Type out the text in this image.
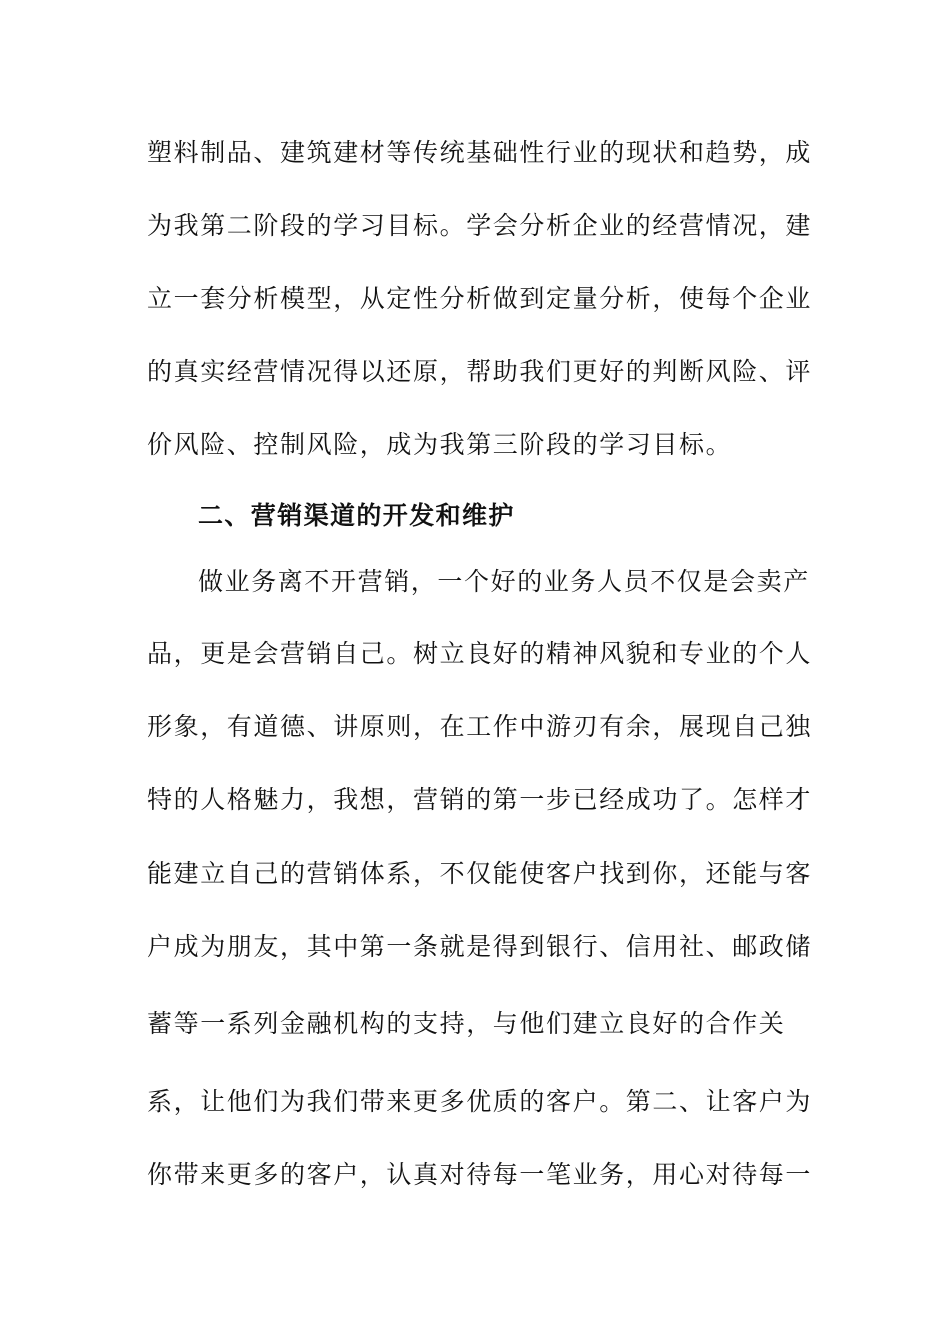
塑料制品、建筑建材等传统基础性行业的现状和趋势，成
为我第二阶段的学习目标。学会分析企业的经营情况，建
立一套分析模型，从定性分析做到定量分析，使每个企业
的真实经营情况得以还原，帮助我们更好的判断风险、评
价风险、控制风险，成为我第三阶段的学习目标。
二、营销渠道的开发和维护
做业务离不开营销，一个好的业务人员不仅是会卖产
品，更是会营销自己。树立良好的精神风貌和专业的个人
形象，有道德、讲原则，在工作中游刃有余，展现自己独
特的人格魅力，我想，营销的第一步已经成功了。怎样才
能建立自己的营销体系，不仅能使客户找到你，还能与客
户成为朋友，其中第一条就是得到银行、信用社、邮政储
蓄等一系列金融机构的支持，与他们建立良好的合作关
系，让他们为我们带来更多优质的客户。第二、让客户为
你带来更多的客户，认真对待每一笔业务，用心对待每一
